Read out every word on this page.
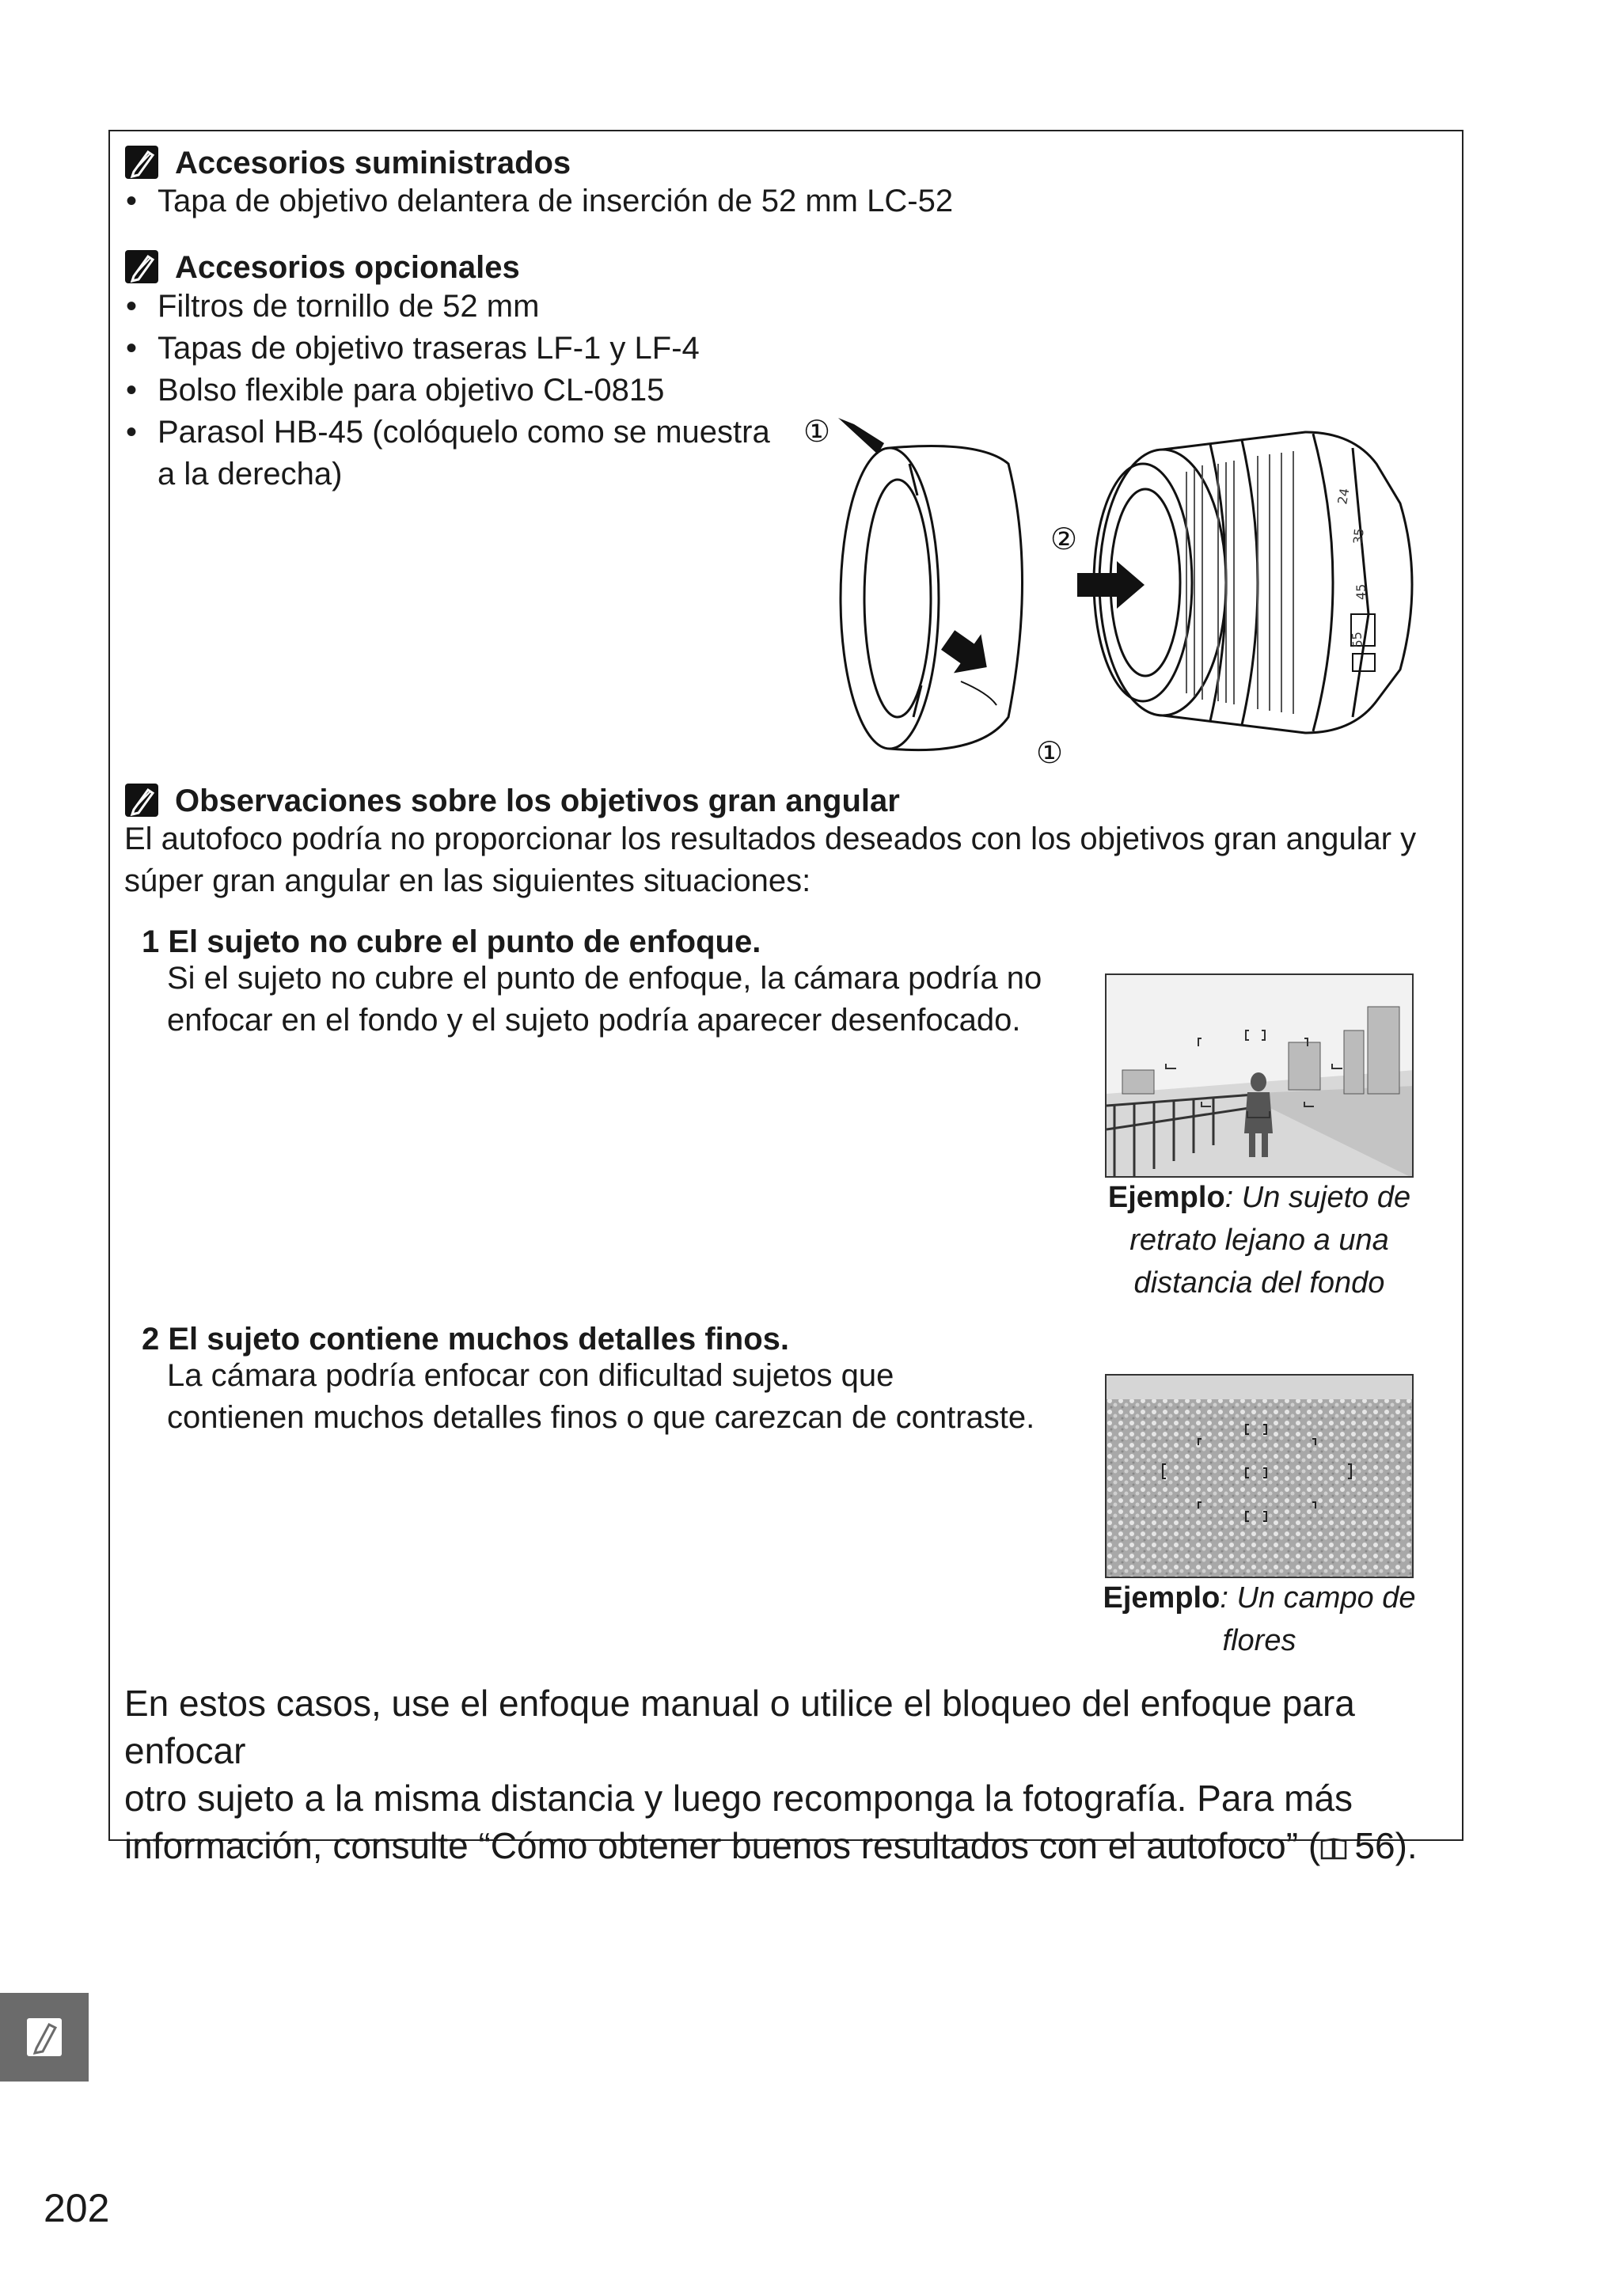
Accesorios suministrados
• Tapa de objetivo delantera de inserción de 52 mm LC-52
Accesorios opcionales
• Filtros de tornillo de 52 mm
• Tapas de objetivo traseras LF-1 y LF-4
• Bolso flexible para objetivo CL-0815
• Parasol HB-45 (colóquelo como se muestra
a la derecha)
①
②
①
24
35
45
55
Observaciones sobre los objetivos gran angular
El autofoco podría no proporcionar los resultados deseados con los objetivos gran angular y
súper gran angular en las siguientes situaciones:
1 El sujeto no cubre el punto de enfoque.
Si el sujeto no cubre el punto de enfoque, la cámara podría no
enfocar en el fondo y el sujeto podría aparecer desenfocado.
Ejemplo: Un sujeto de
retrato lejano a una
distancia del fondo
2 El sujeto contiene muchos detalles finos.
La cámara podría enfocar con dificultad sujetos que
contienen muchos detalles finos o que carezcan de contraste.
Ejemplo: Un campo de
flores
En estos casos, use el enfoque manual o utilice el bloqueo del enfoque para enfocar
otro sujeto a la misma distancia y luego recomponga la fotografía. Para más
información, consulte “Cómo obtener buenos resultados con el autofoco” (  56).
202
